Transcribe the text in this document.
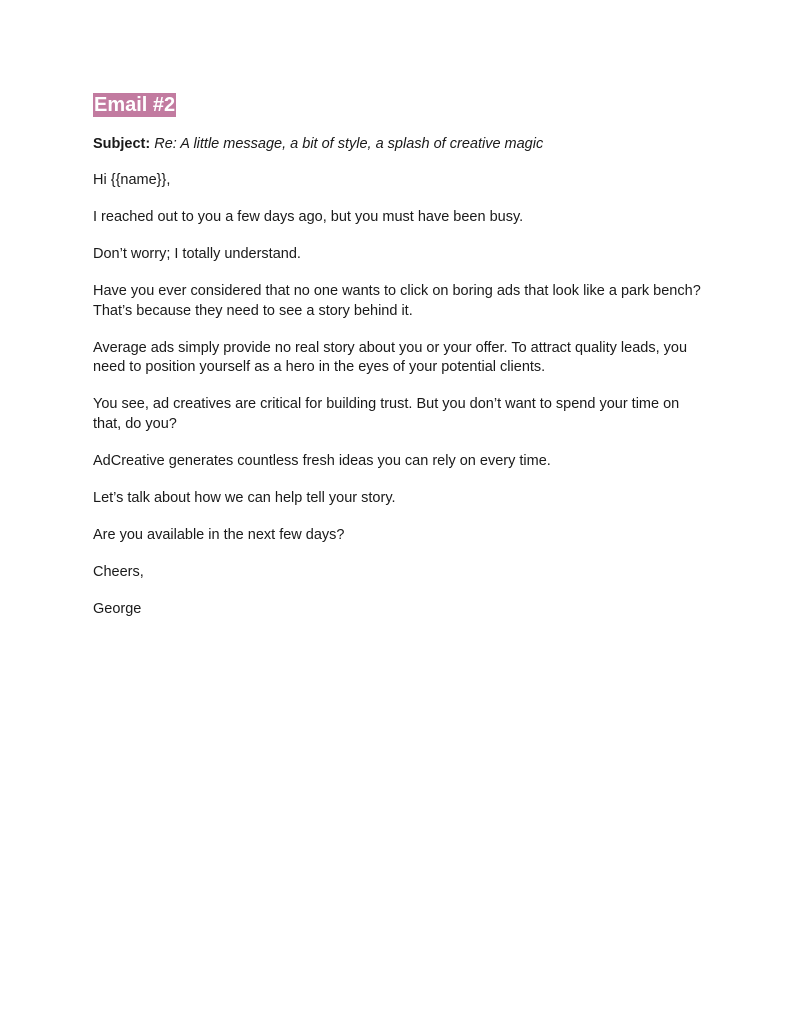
Email #2
Subject: Re: A little message, a bit of style, a splash of creative magic

Hi {{name}},

I reached out to you a few days ago, but you must have been busy.

Don’t worry; I totally understand.

Have you ever considered that no one wants to click on boring ads that look like a park bench? That’s because they need to see a story behind it.

Average ads simply provide no real story about you or your offer. To attract quality leads, you need to position yourself as a hero in the eyes of your potential clients.

You see, ad creatives are critical for building trust. But you don’t want to spend your time on that, do you?

AdCreative generates countless fresh ideas you can rely on every time.

Let’s talk about how we can help tell your story.

Are you available in the next few days?

Cheers,

George
